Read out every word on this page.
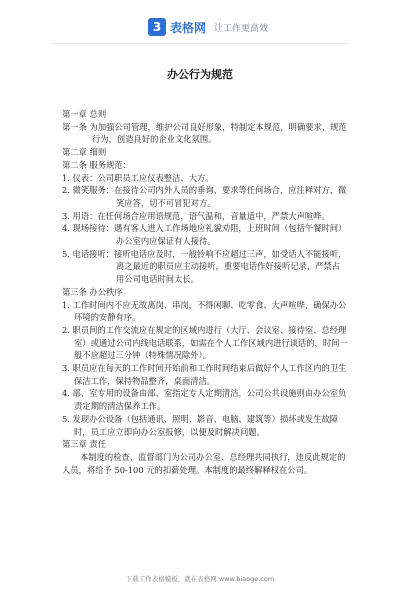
3 表格网 让工作更高效
办公行为规范
第一章 总则
第一条 为加强公司管理，维护公司良好形象，特制定本规范，明确要求，规范
行为，创造良好的企业文化氛围。
第二章 细则
第二条 服务规范：
1. 仪表：公司职员工应仪表整洁、大方。
2. 微笑服务：在接待公司内外人员的垂询、要求等任何场合，应注释对方，微
笑应答，切不可冒犯对方。
3. 用语：在任何场合应用语规范，语气温和，音量适中，严禁大声喧哗。
4. 现场接待：遇有客人进入工作场地应礼貌劝阻，上班时间（包括午餐时间）
办公室内应保证有人接待。
5. 电话接听：接听电话应及时，一般铃响不应超过三声，如受话人不能接听，
离之最近的职员应主动接听，重要电话作好接听记录，严禁占
用公司电话时间太长。
第三条 办公秩序
1. 工作时间内不应无故离岗、串岗，不得闲聊、吃零食、大声喧哗，确保办公
环境的安静有序。
2. 职员间的工作交流应在规定的区域内进行（大厅、会议室、接待室、总经理
室）或通过公司内线电话联系，如需在个人工作区域内进行谈话的，时间一
般不应超过三分钟（特殊情况除外）。
3. 职员应在每天的工作时间开始前和工作时间结束后做好个人工作区内的卫生
保洁工作，保持物品整齐，桌面清洁。
4. 部、室专用的设备由部、室指定专人定期清洁，公司公共设施则由办公室负
责定期的清洁保养工作。
5. 发现办公设备（包括通讯、照明、影音、电脑、建筑等）损坏或发生故障
时，员工应立即向办公室报修，以便及时解决问题。
第三章 责任
本制度的检查、监督部门为公司办公室、总经理共同执行，违反此规定的
人员，将给予 50-100 元的扣薪处理。本制度的最终解释权在公司。
下载工作表格模板，就在表格网 www.biaoge.com
